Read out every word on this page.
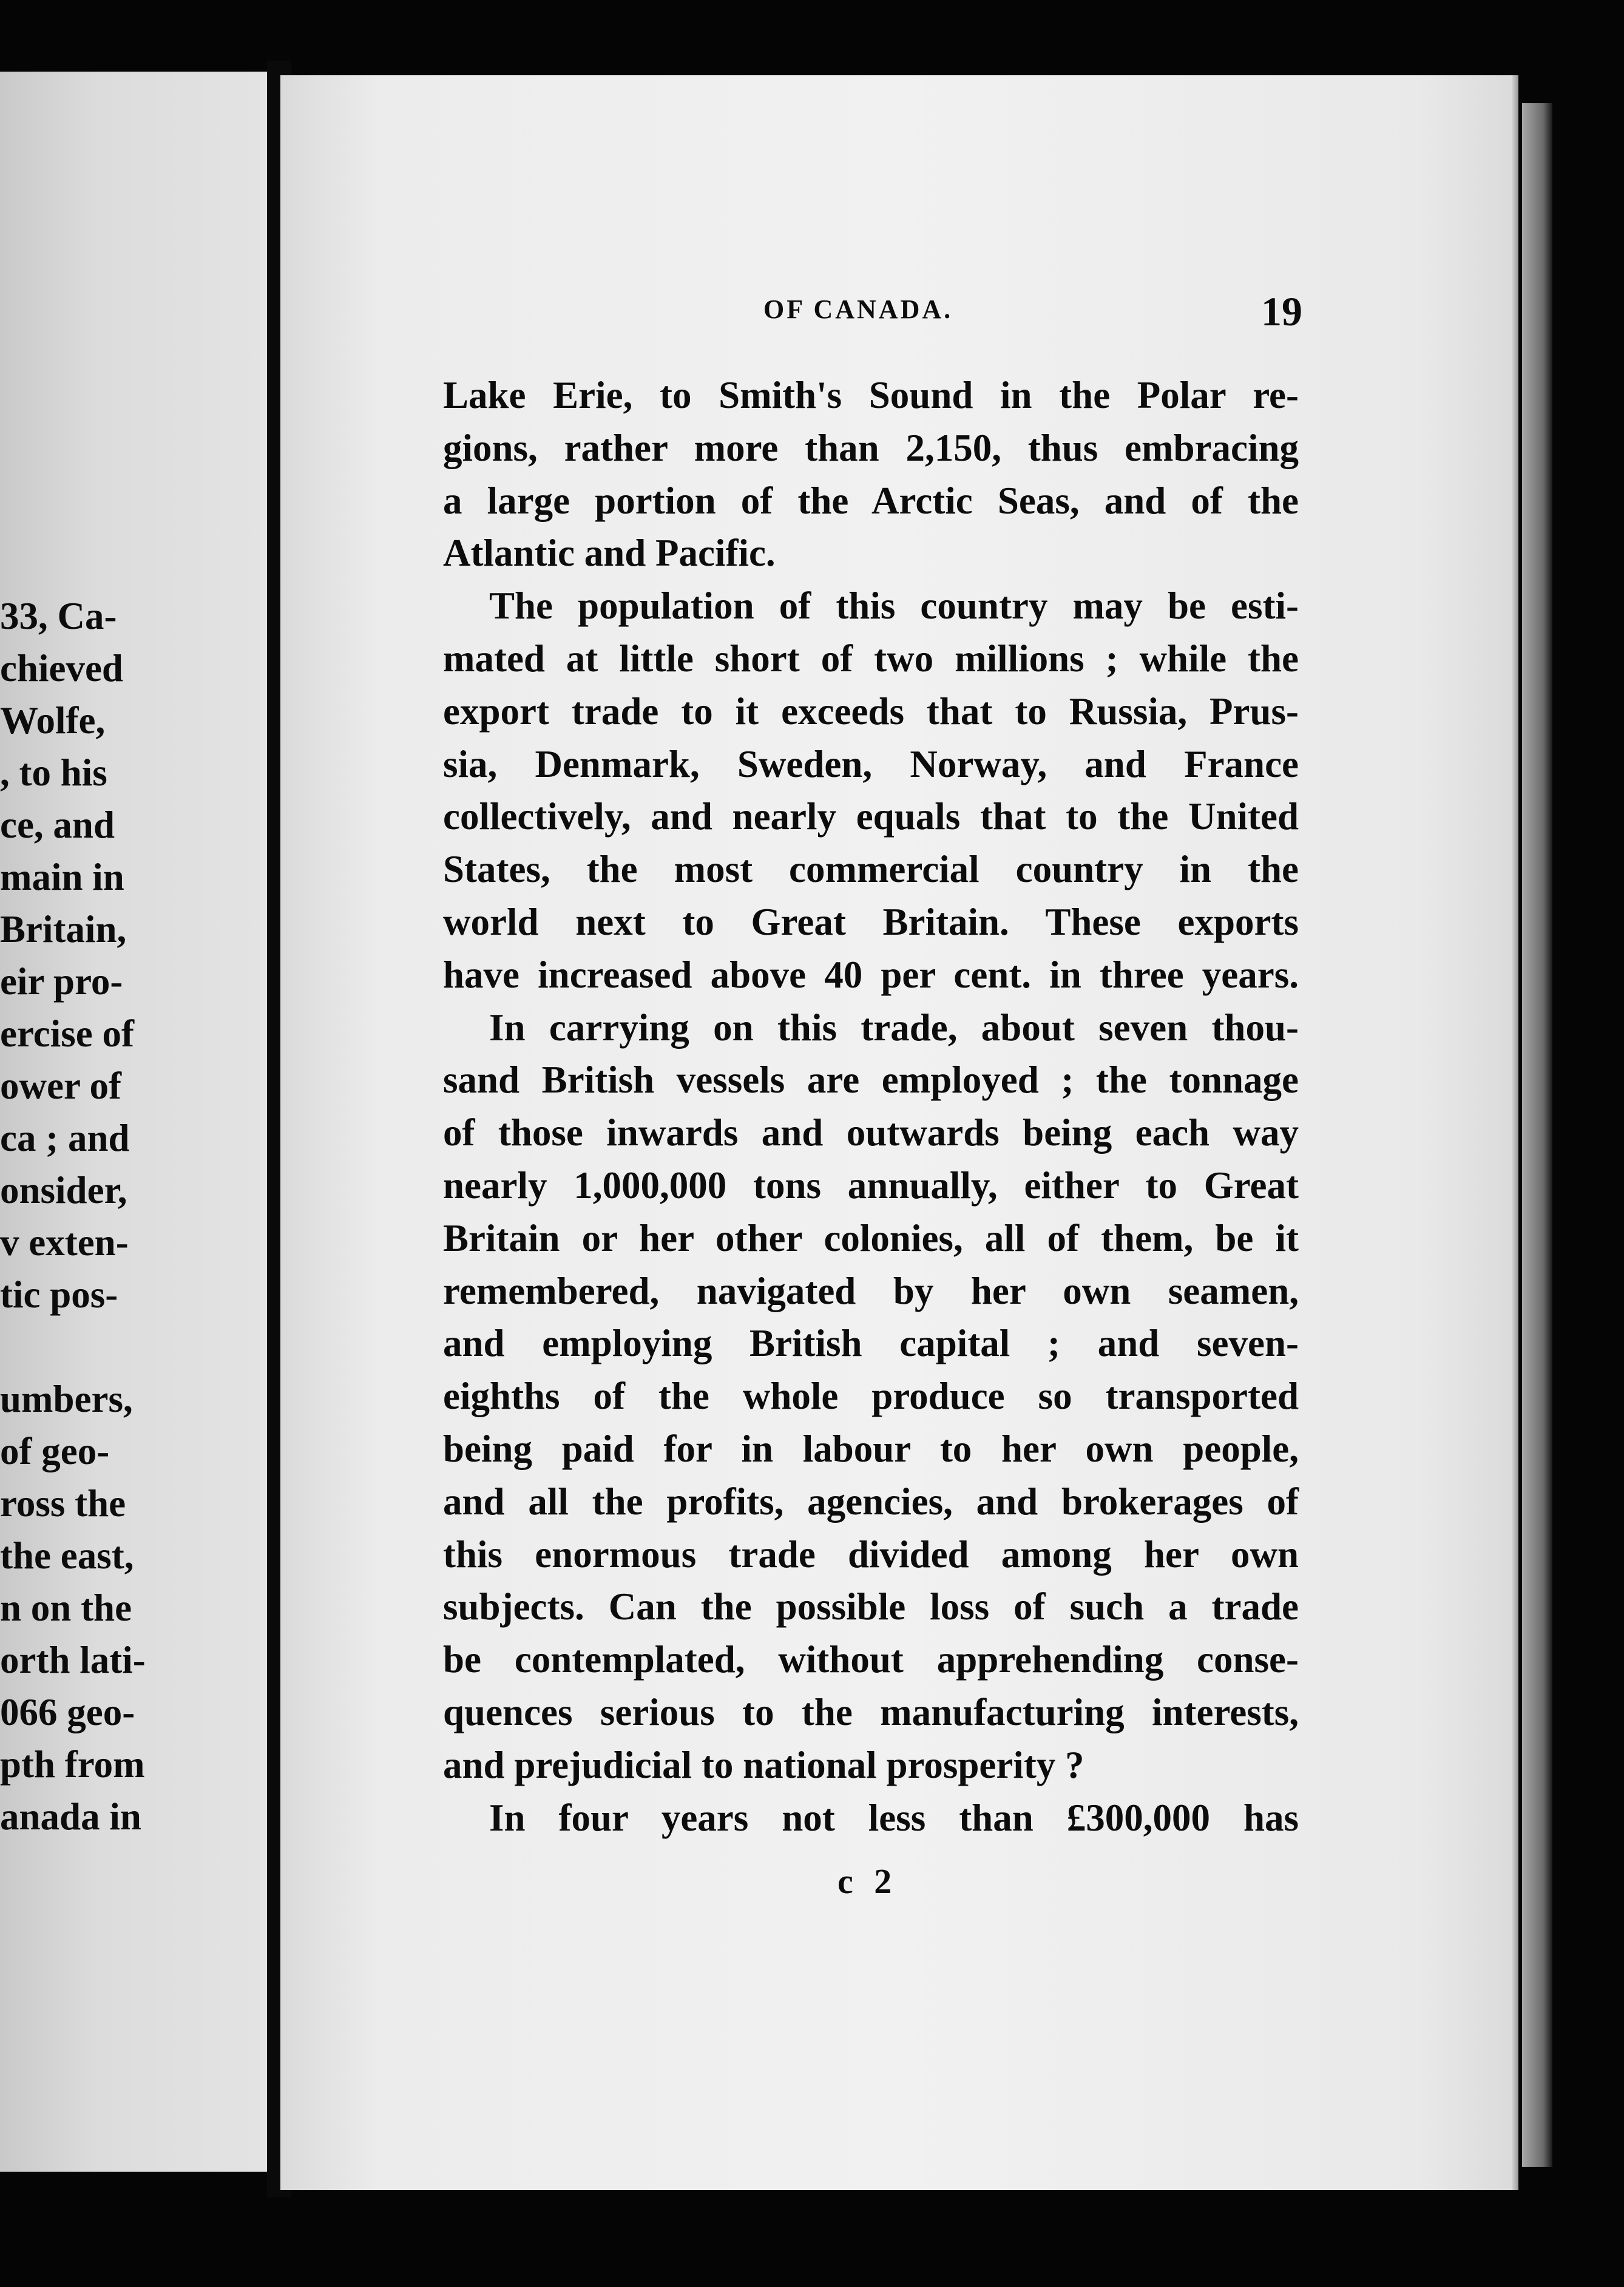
33, Ca-
chieved
Wolfe,
, to his
ce, and
main in
Britain,
eir pro-
ercise of
ower of
ca ; and
onsider,
v exten-
tic pos-
umbers,
of geo-
ross the
the east,
n on the
orth lati-
066 geo-
pth from
anada in
OF CANADA.	19
Lake Erie, to Smith's Sound in the Polar re-
gions, rather more than 2,150, thus embracing
a large portion of the Arctic Seas, and of the
Atlantic and Pacific.
The population of this country may be esti-
mated at little short of two millions ; while the
export trade to it exceeds that to Russia, Prus-
sia, Denmark, Sweden, Norway, and France
collectively, and nearly equals that to the United
States, the most commercial country in the
world next to Great Britain. These exports
have increased above 40 per cent. in three years.
In carrying on this trade, about seven thou-
sand British vessels are employed ; the tonnage
of those inwards and outwards being each way
nearly 1,000,000 tons annually, either to Great
Britain or her other colonies, all of them, be it
remembered, navigated by her own seamen,
and employing British capital ; and seven-
eighths of the whole produce so transported
being paid for in labour to her own people,
and all the profits, agencies, and brokerages of
this enormous trade divided among her own
subjects. Can the possible loss of such a trade
be contemplated, without apprehending conse-
quences serious to the manufacturing interests,
and prejudicial to national prosperity ?
In four years not less than £300,000 has
c 2
